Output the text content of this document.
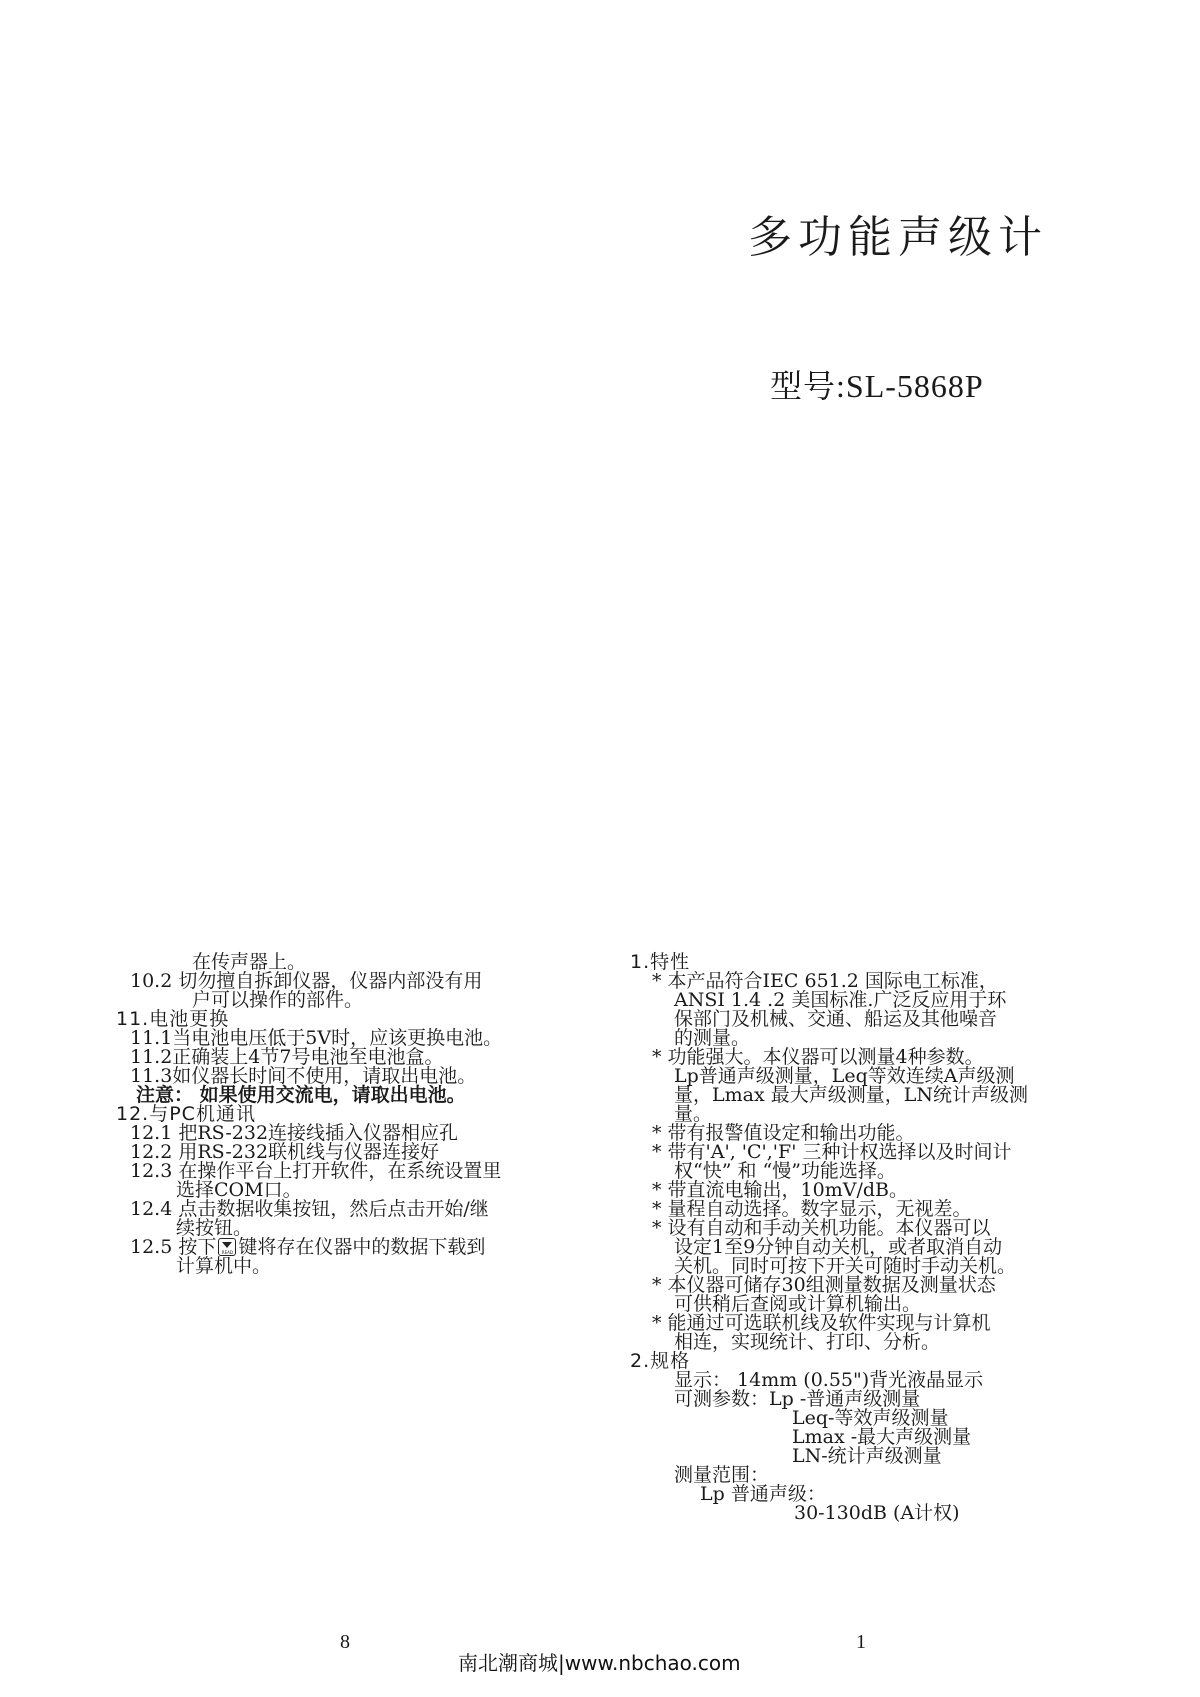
多功能声级计
型号:SL-5868P
在传声器上。
10.2 切勿擅自拆卸仪器，仪器内部没有用
户可以操作的部件。
11.电池更换
11.1当电池电压低于5V时，应该更换电池。
11.2正确装上4节7号电池至电池盒。
11.3如仪器长时间不使用，请取出电池。
注意： 如果使用交流电，请取出电池。
12.与PC机通讯
12.1 把RS-232连接线插入仪器相应孔
12.2 用RS-232联机线与仪器连接好
12.3 在操作平台上打开软件，在系统设置里
选择COM口。
12.4 点击数据收集按钮，然后点击开始/继
续按钮。
12.5 按下READ 键将存在仪器中的数据下载到
计算机中。
1.特性
* 本产品符合IEC 651.2 国际电工标准，
ANSI 1.4 .2 美国标准.广泛反应用于环
保部门及机械、交通、船运及其他噪音
的测量。
* 功能强大。本仪器可以测量4种参数。
Lp普通声级测量，Leq等效连续A声级测
量，Lmax 最大声级测量，LN统计声级测
量。
* 带有报警值设定和输出功能。
* 带有'A', 'C','F' 三种计权选择以及时间计
权“快” 和 “慢”功能选择。
* 带直流电输出，10mV/dB。
* 量程自动选择。数字显示，无视差。
* 设有自动和手动关机功能。本仪器可以
设定1至9分钟自动关机，或者取消自动
关机。同时可按下开关可随时手动关机。
* 本仪器可储存30组测量数据及测量状态
可供稍后查阅或计算机输出。
* 能通过可选联机线及软件实现与计算机
相连，实现统计、打印、分析。
2.规格
显示： 14mm (0.55")背光液晶显示
可测参数：Lp -普通声级测量
Leq-等效声级测量
Lmax -最大声级测量
LN-统计声级测量
测量范围：
Lp 普通声级：
30-130dB (A计权)
8	1
南北潮商城|www.nbchao.com
